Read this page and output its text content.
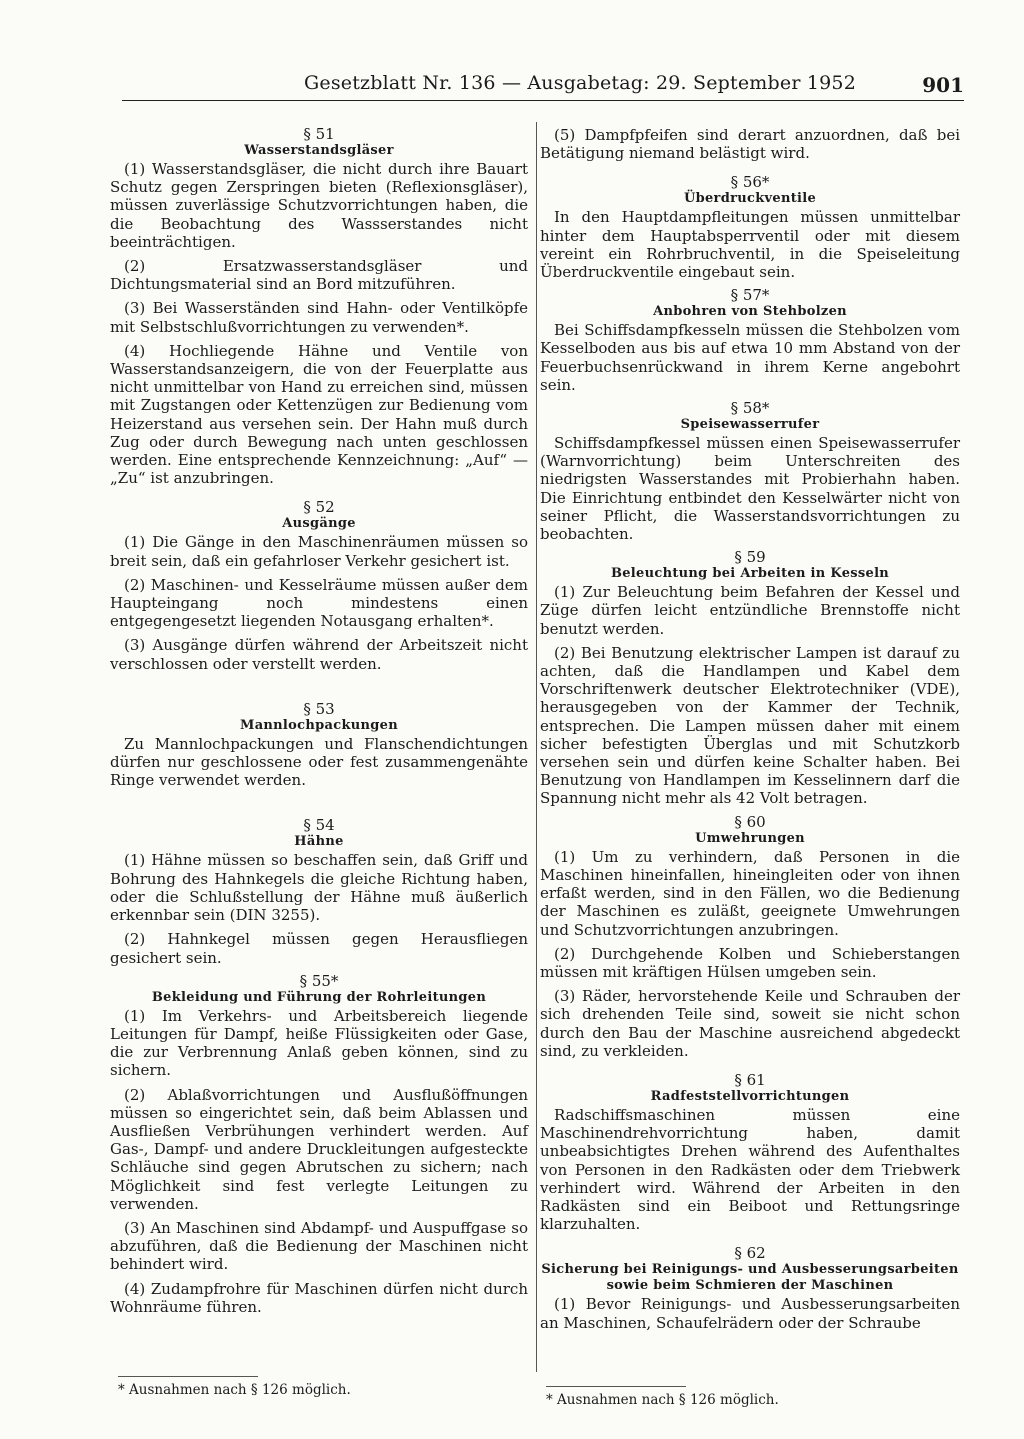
Gesetzblatt Nr. 136 — Ausgabetag: 29. September 1952	901

§ 51

Wasserstandsgläser

(1) Wasserstandsgläser, die nicht durch ihre Bauart Schutz gegen Zerspringen bieten (Reflexionsgläser), müssen zuverlässige Schutzvorrichtungen haben, die die Beobachtung des Wassserstandes nicht beeinträchtigen.

(2) Ersatzwasserstandsgläser und Dichtungsmaterial sind an Bord mitzuführen.

(3) Bei Wasserständen sind Hahn- oder Ventilköpfe mit Selbstschlußvorrichtungen zu verwenden*.

(4) Hochliegende Hähne und Ventile von Wasserstandsanzeigern, die von der Feuerplatte aus nicht unmittelbar von Hand zu erreichen sind, müssen mit Zugstangen oder Kettenzügen zur Bedienung vom Heizerstand aus versehen sein. Der Hahn muß durch Zug oder durch Bewegung nach unten geschlossen werden. Eine entsprechende Kennzeichnung: „Auf“ — „Zu“ ist anzubringen.

§ 52

Ausgänge

(1) Die Gänge in den Maschinenräumen müssen so breit sein, daß ein gefahrloser Verkehr gesichert ist.

(2) Maschinen- und Kesselräume müssen außer dem Haupteingang noch mindestens einen entgegengesetzt liegenden Notausgang erhalten*.

(3) Ausgänge dürfen während der Arbeitszeit nicht verschlossen oder verstellt werden.

§ 53

Mannlochpackungen

Zu Mannlochpackungen und Flanschendichtungen dürfen nur geschlossene oder fest zusammengenähte Ringe verwendet werden.

§ 54

Hähne

(1) Hähne müssen so beschaffen sein, daß Griff und Bohrung des Hahnkegels die gleiche Richtung haben, oder die Schlußstellung der Hähne muß äußerlich erkennbar sein (DIN 3255).

(2) Hahnkegel müssen gegen Herausfliegen gesichert sein.

§ 55*

Bekleidung und Führung der Rohrleitungen

(1) Im Verkehrs- und Arbeitsbereich liegende Leitungen für Dampf, heiße Flüssigkeiten oder Gase, die zur Verbrennung Anlaß geben können, sind zu sichern.

(2) Ablaßvorrichtungen und Ausflußöffnungen müssen so eingerichtet sein, daß beim Ablassen und Ausfließen Verbrühungen verhindert werden. Auf Gas-, Dampf- und andere Druckleitungen aufgesteckte Schläuche sind gegen Abrutschen zu sichern; nach Möglichkeit sind fest verlegte Leitungen zu verwenden.

(3) An Maschinen sind Abdampf- und Auspuffgase so abzuführen, daß die Bedienung der Maschinen nicht behindert wird.

(4) Zudampfrohre für Maschinen dürfen nicht durch Wohnräume führen.

* Ausnahmen nach § 126 möglich.

(5) Dampfpfeifen sind derart anzuordnen, daß bei Betätigung niemand belästigt wird.

§ 56*

Überdruckventile

In den Hauptdampfleitungen müssen unmittelbar hinter dem Hauptabsperrventil oder mit diesem vereint ein Rohrbruchventil, in die Speiseleitung Überdruckventile eingebaut sein.

§ 57*

Anbohren von Stehbolzen

Bei Schiffsdampfkesseln müssen die Stehbolzen vom Kesselboden aus bis auf etwa 10 mm Abstand von der Feuerbuchsenrückwand in ihrem Kerne angebohrt sein.

§ 58*

Speisewasserrufer

Schiffsdampfkessel müssen einen Speisewasserrufer (Warnvorrichtung) beim Unterschreiten des niedrigsten Wasserstandes mit Probierhahn haben. Die Einrichtung entbindet den Kesselwärter nicht von seiner Pflicht, die Wasserstandsvorrichtungen zu beobachten.

§ 59

Beleuchtung bei Arbeiten in Kesseln

(1) Zur Beleuchtung beim Befahren der Kessel und Züge dürfen leicht entzündliche Brennstoffe nicht benutzt werden.

(2) Bei Benutzung elektrischer Lampen ist darauf zu achten, daß die Handlampen und Kabel dem Vorschriftenwerk deutscher Elektrotechniker (VDE), herausgegeben von der Kammer der Technik, entsprechen. Die Lampen müssen daher mit einem sicher befestigten Überglas und mit Schutzkorb versehen sein und dürfen keine Schalter haben. Bei Benutzung von Handlampen im Kesselinnern darf die Spannung nicht mehr als 42 Volt betragen.

§ 60

Umwehrungen

(1) Um zu verhindern, daß Personen in die Maschinen hineinfallen, hineingleiten oder von ihnen erfaßt werden, sind in den Fällen, wo die Bedienung der Maschinen es zuläßt, geeignete Umwehrungen und Schutzvorrichtungen anzubringen.

(2) Durchgehende Kolben und Schieberstangen müssen mit kräftigen Hülsen umgeben sein.

(3) Räder, hervorstehende Keile und Schrauben der sich drehenden Teile sind, soweit sie nicht schon durch den Bau der Maschine ausreichend abgedeckt sind, zu verkleiden.

§ 61

Radfeststellvorrichtungen

Radschiffsmaschinen müssen eine Maschinendrehvorrichtung haben, damit unbeabsichtigtes Drehen während des Aufenthaltes von Personen in den Radkästen oder dem Triebwerk verhindert wird. Während der Arbeiten in den Radkästen sind ein Beiboot und Rettungsringe klarzuhalten.

§ 62

Sicherung bei Reinigungs- und Ausbesserungsarbeiten

sowie beim Schmieren der Maschinen

(1) Bevor Reinigungs- und Ausbesserungsarbeiten an Maschinen, Schaufelrädern oder der Schraube

* Ausnahmen nach § 126 möglich.
